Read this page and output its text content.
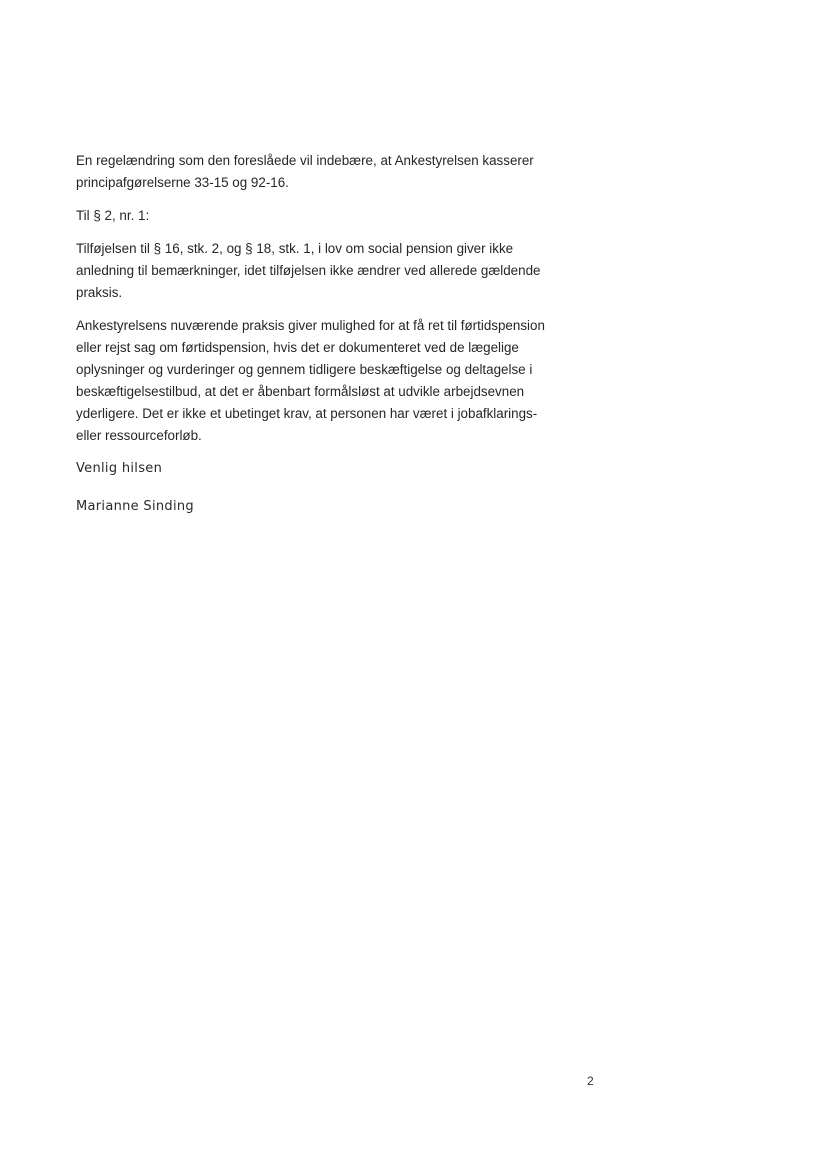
En regelændring som den foreslåede vil indebære, at Ankestyrelsen kasserer
principafgørelserne 33-15 og 92-16.

Til § 2, nr. 1:

Tilføjelsen til § 16, stk. 2, og § 18, stk. 1, i lov om social pension giver ikke
anledning til bemærkninger, idet tilføjelsen ikke ændrer ved allerede gældende
praksis.

Ankestyrelsens nuværende praksis giver mulighed for at få ret til førtidspension
eller rejst sag om førtidspension, hvis det er dokumenteret ved de lægelige
oplysninger og vurderinger og gennem tidligere beskæftigelse og deltagelse i
beskæftigelsestilbud, at det er åbenbart formålsløst at udvikle arbejdsevnen
yderligere. Det er ikke et ubetinget krav, at personen har været i jobafklarings-
eller ressourceforløb.

Venlig hilsen

Marianne Sinding

2
